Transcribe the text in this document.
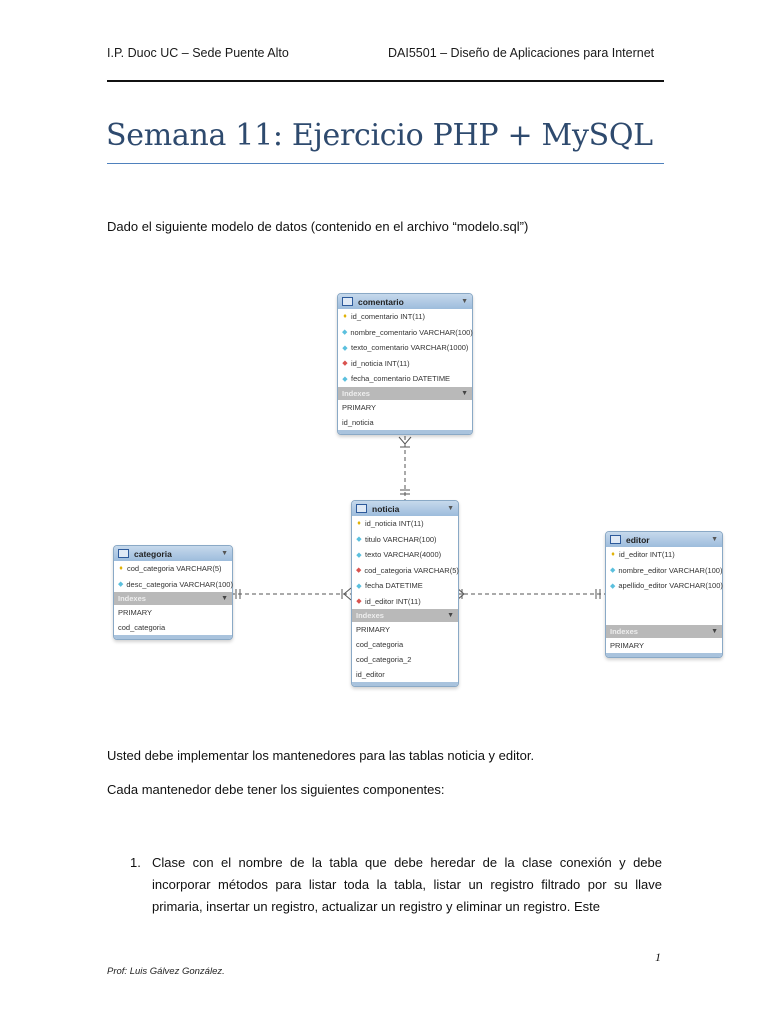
I.P. Duoc UC – Sede Puente Alto	DAI5501 – Diseño de Aplicaciones para Internet
Semana 11: Ejercicio PHP + MySQL
Dado el siguiente modelo de datos (contenido en el archivo “modelo.sql”)
comentario	▼
♦ id_comentario INT(11)
◆ nombre_comentario VARCHAR(100)
◆ texto_comentario VARCHAR(1000)
◆ id_noticia INT(11)
◆ fecha_comentario DATETIME
Indexes	▼
PRIMARY
id_noticia
noticia	▼
♦ id_noticia INT(11)
◆ titulo VARCHAR(100)
◆ texto VARCHAR(4000)
◆ cod_categoria VARCHAR(5)
◆ fecha DATETIME
◆ id_editor INT(11)
Indexes	▼
PRIMARY
cod_categoria
cod_categoria_2
id_editor
categoria	▼
♦ cod_categoria VARCHAR(5)
◆ desc_categoria VARCHAR(100)
Indexes	▼
PRIMARY
cod_categoria
editor	▼
♦ id_editor INT(11)
◆ nombre_editor VARCHAR(100)
◆ apellido_editor VARCHAR(100)
Indexes	▼
PRIMARY
Usted debe implementar los mantenedores para las tablas noticia y editor.
Cada mantenedor debe tener los siguientes componentes:
1. Clase con el nombre de la tabla que debe heredar de la clase conexión y debe incorporar métodos para listar toda la tabla, listar un registro filtrado por su llave primaria, insertar un registro, actualizar un registro y eliminar un registro. Este
1
Prof: Luis Gálvez González.
